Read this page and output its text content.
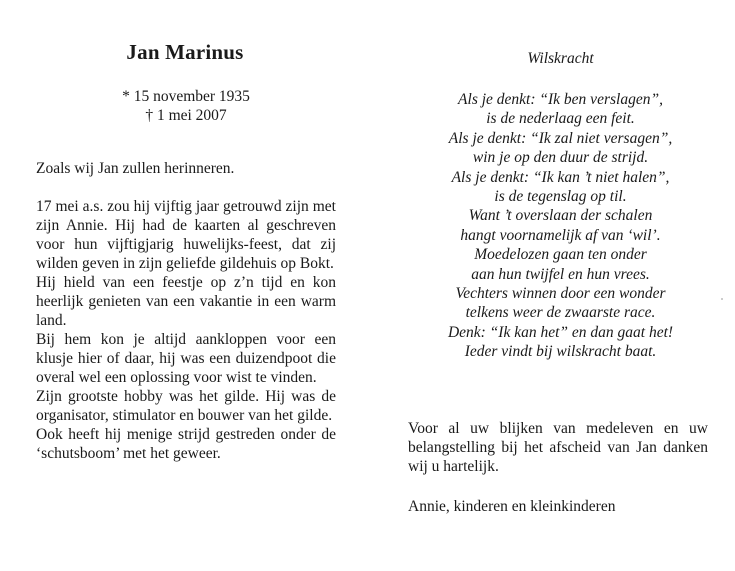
Jan Marinus

* 15 november 1935

† 1 mei 2007

Zoals wij Jan zullen herinneren.

17 mei a.s. zou hij vijftig jaar getrouwd zijn met zijn Annie. Hij had de kaarten al geschreven voor hun vijftigjarig huwelijks-feest, dat zij wilden geven in zijn geliefde gildehuis op Bokt.

Hij hield van een feestje op z’n tijd en kon heerlijk genieten van een vakantie in een warm land.

Bij hem kon je altijd aankloppen voor een klusje hier of daar, hij was een duizendpoot die overal wel een oplossing voor wist te vinden.

Zijn grootste hobby was het gilde. Hij was de organisator, stimulator en bouwer van het gilde.

Ook heeft hij menige strijd gestreden onder de ‘schutsboom’ met het geweer.

Wilskracht

Als je denkt: “Ik ben verslagen”,
is de nederlaag een feit.
Als je denkt: “Ik zal niet versagen”,
win je op den duur de strijd.
Als je denkt: “Ik kan ’t niet halen”,
is de tegenslag op til.
Want ’t overslaan der schalen
hangt voornamelijk af van ‘wil’.
Moedelozen gaan ten onder
aan hun twijfel en hun vrees.
Vechters winnen door een wonder
telkens weer de zwaarste race.
Denk: “Ik kan het” en dan gaat het!
Ieder vindt bij wilskracht baat.

Voor al uw blijken van medeleven en uw belangstelling bij het afscheid van Jan danken wij u hartelijk.

Annie, kinderen en kleinkinderen
